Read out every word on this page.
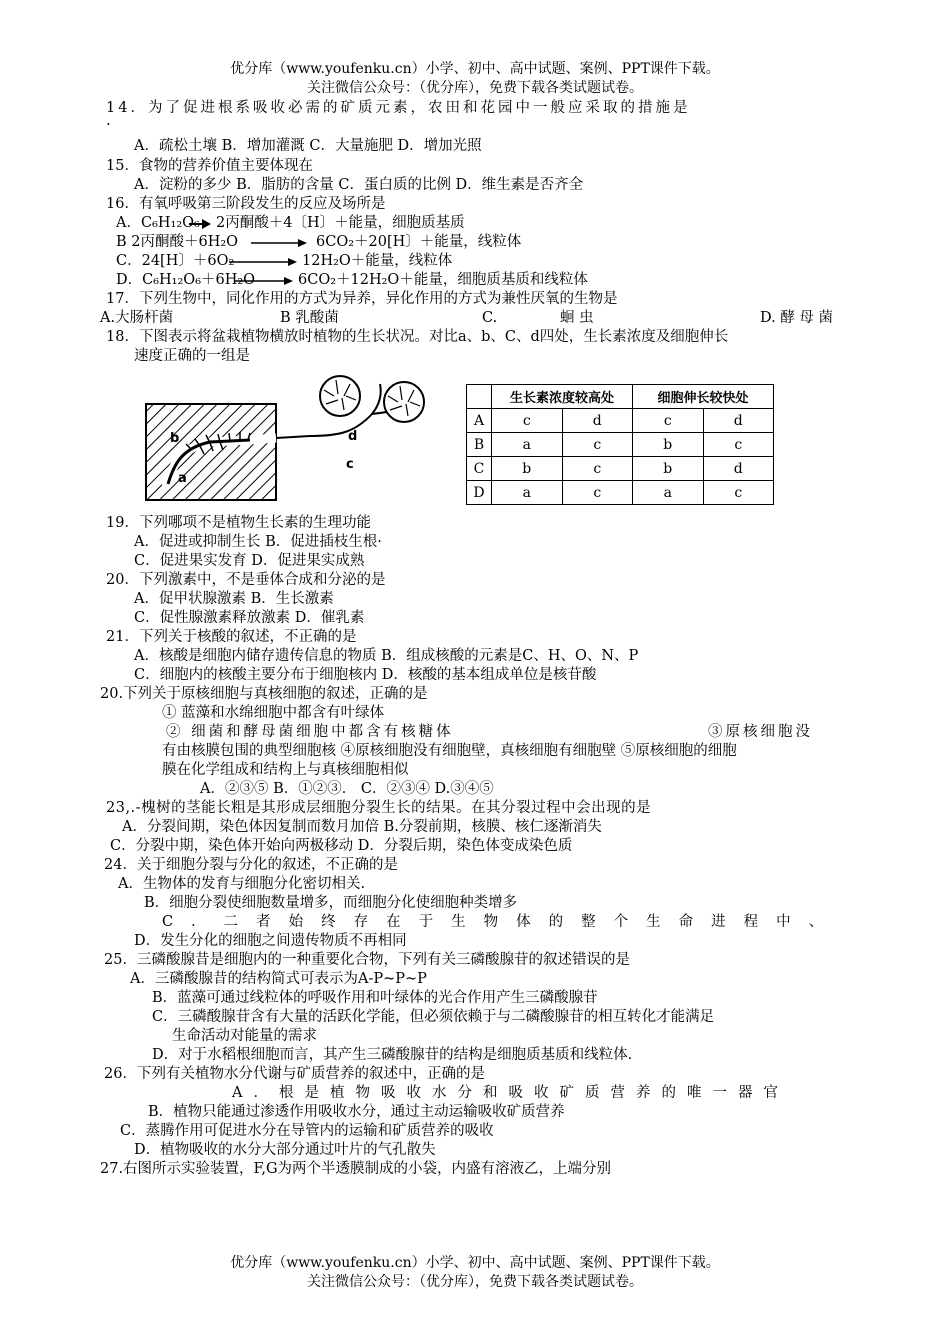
优分库（www.youfenku.cn）小学、初中、高中试题、案例、PPT课件下载。
关注微信公众号：（优分库），免费下载各类试题试卷。
14．为了促进根系吸收必需的矿质元素，农田和花园中一般应采取的措施是
.
A．疏松土壤 B．增加灌溉 C．大量施肥 D．增加光照
15．食物的营养价值主要体现在
A．淀粉的多少 B．脂肪的含量 C．蛋白质的比例 D．维生素是否齐全
16．有氧呼吸第三阶段发生的反应及场所是
A．C₆H₁₂O₆ 2丙酮酸＋4〔H〕＋能量，细胞质基质
B 2丙酮酸＋6H₂O	6CO₂＋20[H〕＋能量，线粒体
C．24[H〕＋6O₂	12H₂O＋能量，线粒体
D．C₆H₁₂O₆＋6H₂O	6CO₂＋12H₂O＋能量，细胞质基质和线粒体
17．下列生物中，同化作用的方式为异养，异化作用的方式为兼性厌氧的生物是
A.大肠杆菌	B 乳酸菌	C.	蛔 虫	D. 酵 母 菌
18．下图表示将盆栽植物横放时植物的生长状况。对比a、b、C、d四处，生长素浓度及细胞伸长
速度正确的一组是
b
a
d
c
	生长素浓度较高处		细胞伸长较快处	
A	c	d	c	d
B	a	c	b	c
C	b	c	b	d
D	a	c	a	c
19．下列哪项不是植物生长素的生理功能
A．促进或抑制生长 B．促进插枝生根·
C．促进果实发育 D．促进果实成熟
20．下列激素中，不是垂体合成和分泌的是
A．促甲状腺激素 B．生长激素
C．促性腺激素释放激素 D．催乳素
21．下列关于核酸的叙述，不正确的是
A．核酸是细胞内储存遗传信息的物质 B．组成核酸的元素是C、H、O、N、P
C．细胞内的核酸主要分布于细胞核内 D．核酸的基本组成单位是核苷酸
20.下列关于原核细胞与真核细胞的叙述，正确的是
① 蓝藻和水绵细胞中都含有叶绿体
② 细菌和酵母菌细胞中都含有核糖体	③原核细胞没
有由核膜包围的典型细胞核 ④原核细胞没有细胞壁，真核细胞有细胞壁 ⑤原核细胞的细胞
膜在化学组成和结构上与真核细胞相似
A．②③⑤ B．①②③． C．②③④ D.③④⑤
23,.-槐树的茎能长粗是其形成层细胞分裂生长的结果。在其分裂过程中会出现的是
A．分裂间期，染色体因复制而数月加倍 B.分裂前期，核膜、核仁逐渐消失
C．分裂中期，染色体开始向两极移动 D．分裂后期，染色体变成染色质
24．关于细胞分裂与分化的叙述，不正确的是
A．生物体的发育与细胞分化密切相关.
B．细胞分裂使细胞数量增多，而细胞分化使细胞种类增多
C．二者始终存在于生物体的整个生命进程中、
D．发生分化的细胞之间遗传物质不再相同
25．三磷酸腺昔是细胞内的一种重要化合物，下列有关三磷酸腺苷的叙述错误的是
A．三磷酸腺昔的结构简式可表示为A-P~P~P
B．蓝藻可通过线粒体的呼吸作用和叶绿体的光合作用产生三磷酸腺苷
C．三磷酸腺苷含有大量的活跃化学能，但必须依赖于与二磷酸腺苷的相互转化才能满足
生命活动对能量的需求
D．对于水稻根细胞而言，其产生三磷酸腺苷的结构是细胞质基质和线粒体.
26．下列有关植物水分代谢与矿质营养的叙述中，正确的是
A．根是植物吸收水分和吸收矿质营养的唯一器官
B．植物只能通过渗透作用吸收水分，通过主动运输吸收矿质营养
C．蒸腾作用可促进水分在导管内的运输和矿质营养的吸收
D．植物吸收的水分大部分通过叶片的气孔散失
27.右图所示实验装置，F,G为两个半透膜制成的小袋，内盛有溶液乙，上端分别
优分库（www.youfenku.cn）小学、初中、高中试题、案例、PPT课件下载。
关注微信公众号：（优分库），免费下载各类试题试卷。
